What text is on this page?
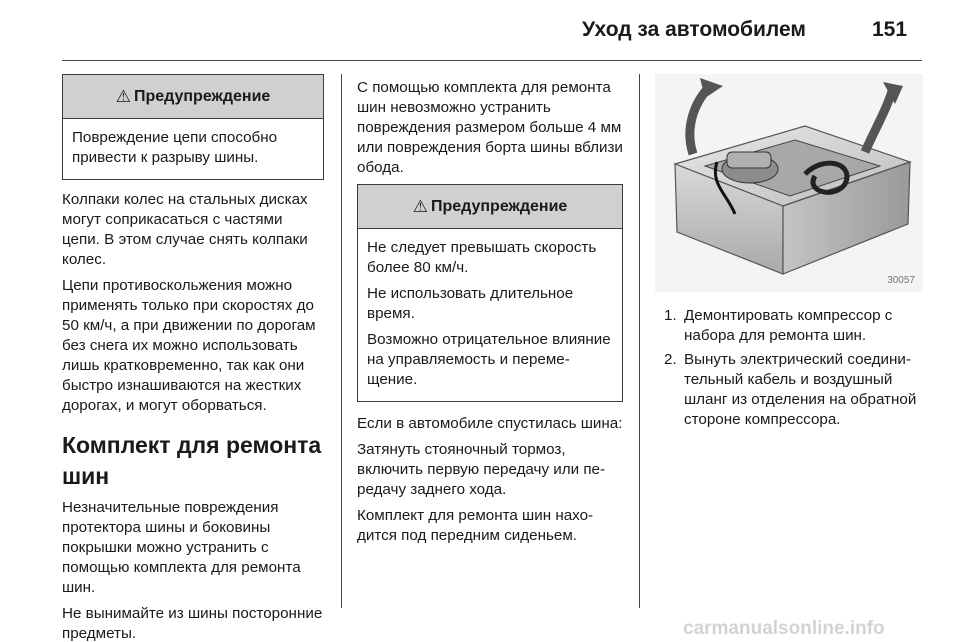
Уход за автомобилем	151
⚠ Предупреждение

Повреждение цепи способно привести к разрыву шины.

Колпаки колес на стальных дисках могут соприкасаться с частями цепи. В этом случае снять колпаки колес.

Цепи противоскольжения можно применять только при скоростях до 50 км/ч, а при движении по дорогам без снега их можно использовать лишь кратковременно, так как они быстро изнашиваются на жестких дорогах, и могут оборваться.

Комплект для ремонта шин

Незначительные повреждения протектора шины и боковины покрышки можно устранить с помощью комплекта для ремонта шин.

Не вынимайте из шины посторонние предметы.

С помощью комплекта для ремонта шин невозможно устранить повреждения размером больше 4 мм или повреждения борта шины вблизи обода.

⚠ Предупреждение

Не следует превышать скорость более 80 км/ч.

Не использовать длительное время.

Возможно отрицательное влияние на управляемость и перемещение.

Если в автомобиле спустилась шина:

Затянуть стояночный тормоз, включить первую передачу или передачу заднего хода.

Комплект для ремонта шин находится под передним сиденьем.

30057
1. Демонтировать компрессор с набора для ремонта шин.
2. Вынуть электрический соединительный кабель и воздушный шланг из отделения на обратной стороне компрессора.
carmanualsonline.info
